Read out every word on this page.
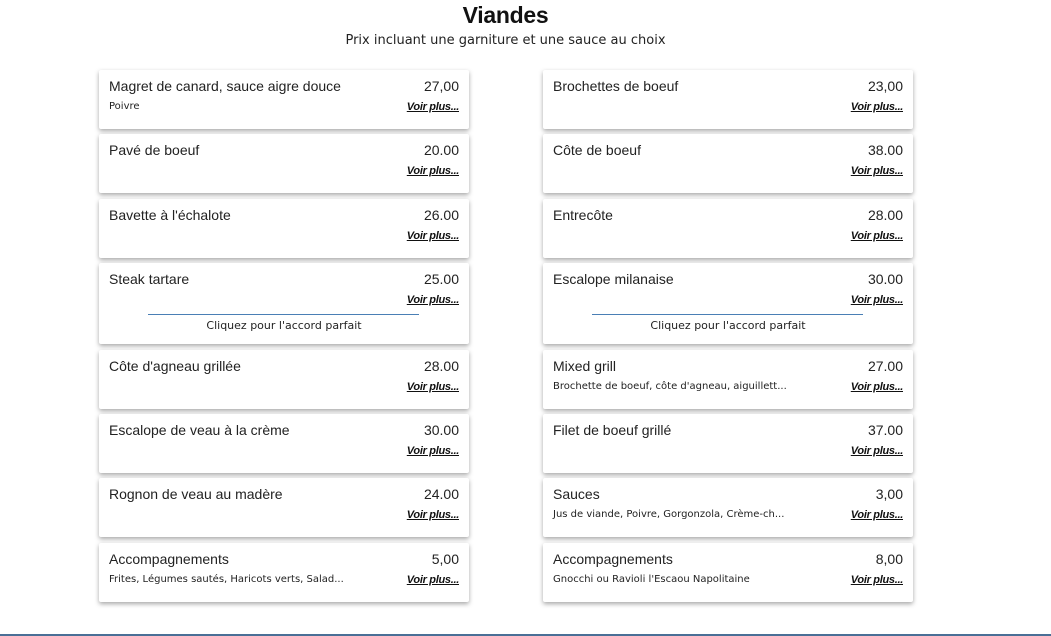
Viandes
Prix incluant une garniture et une sauce au choix
Magret de canard, sauce aigre douce	27,00
Poivre	Voir plus...
Pavé de boeuf	20.00
Voir plus...
Bavette à l'échalote	26.00
Voir plus...
Steak tartare	25.00
Voir plus...
Cliquez pour l'accord parfait
Côte d'agneau grillée	28.00
Voir plus...
Escalope de veau à la crème	30.00
Voir plus...
Rognon de veau au madère	24.00
Voir plus...
Accompagnements	5,00
Frites, Légumes sautés, Haricots verts, Salad...	Voir plus...
Brochettes de boeuf	23,00
Voir plus...
Côte de boeuf	38.00
Voir plus...
Entrecôte	28.00
Voir plus...
Escalope milanaise	30.00
Voir plus...
Cliquez pour l'accord parfait
Mixed grill	27.00
Brochette de boeuf, côte d'agneau, aiguillett...	Voir plus...
Filet de boeuf grillé	37.00
Voir plus...
Sauces	3,00
Jus de viande, Poivre, Gorgonzola, Crème-ch...	Voir plus...
Accompagnements	8,00
Gnocchi ou Ravioli l'Escaou Napolitaine	Voir plus...
